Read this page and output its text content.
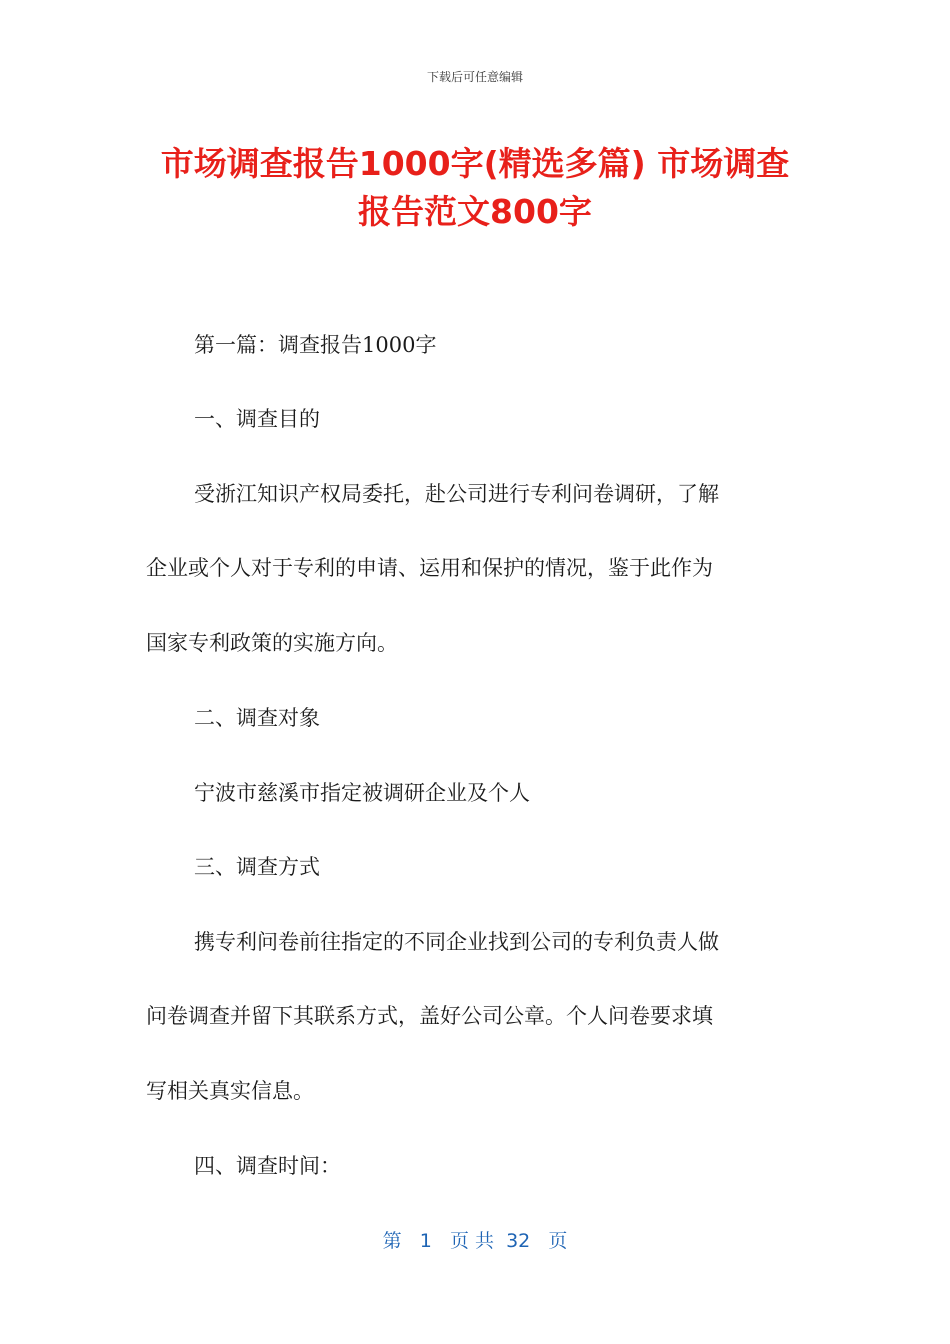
下载后可任意编辑
市场调查报告1000字(精选多篇) 市场调查
报告范文800字

第一篇：调查报告1000字

一、调查目的

受浙江知识产权局委托，赴公司进行专利问卷调研，了解

企业或个人对于专利的申请、运用和保护的情况，鉴于此作为

国家专利政策的实施方向。

二、调查对象

宁波市慈溪市指定被调研企业及个人

三、调查方式

携专利问卷前往指定的不同企业找到公司的专利负责人做

问卷调查并留下其联系方式，盖好公司公章。个人问卷要求填

写相关真实信息。

四、调查时间：

第   1   页 共  32   页
